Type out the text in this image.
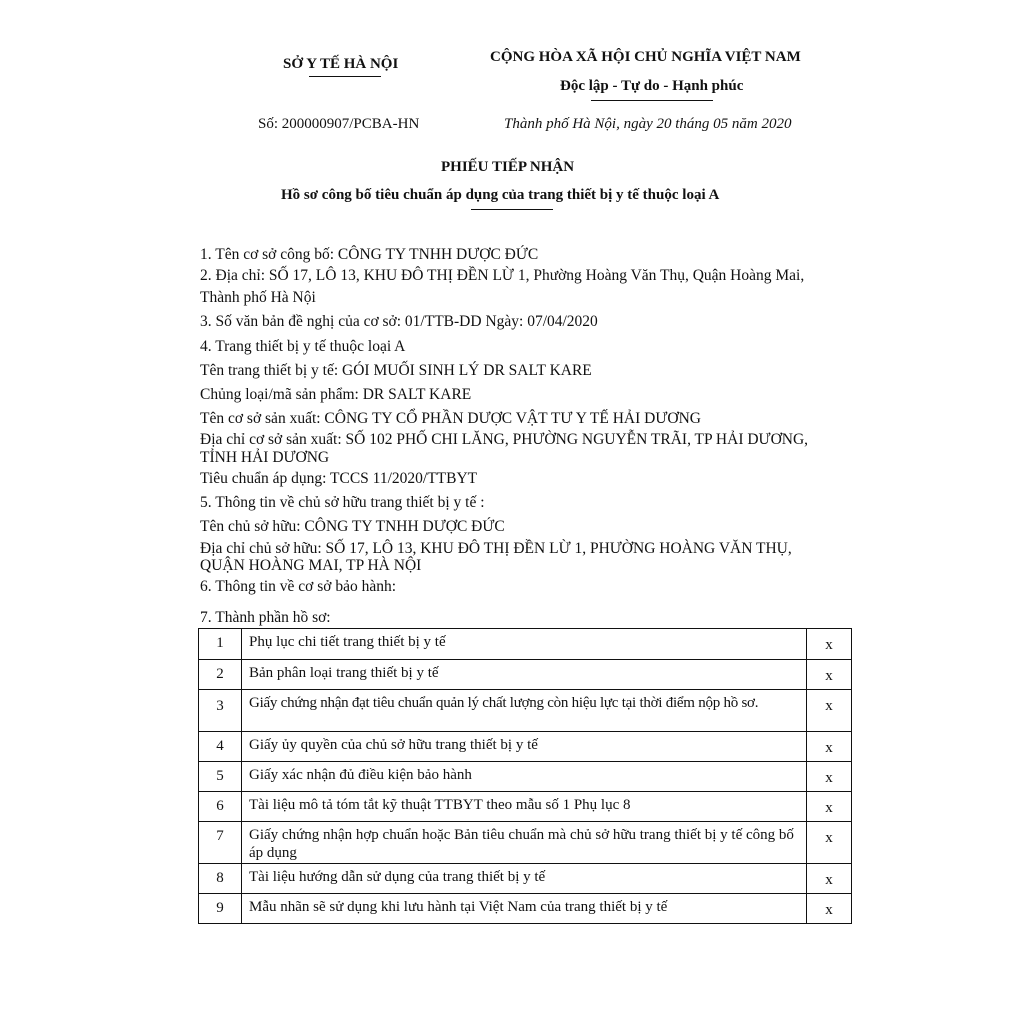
SỞ Y TẾ HÀ NỘI	CỘNG HÒA XÃ HỘI CHỦ NGHĨA VIỆT NAM
Độc lập - Tự do - Hạnh phúc
Số: 200000907/PCBA-HN	Thành phố Hà Nội, ngày 20 tháng 05 năm 2020
PHIẾU TIẾP NHẬN
Hồ sơ công bố tiêu chuẩn áp dụng của trang thiết bị y tế thuộc loại A
1. Tên cơ sở công bố: CÔNG TY TNHH DƯỢC ĐỨC
2. Địa chỉ: SỐ 17, LÔ 13, KHU ĐÔ THỊ ĐỀN LỪ 1, Phường Hoàng Văn Thụ, Quận Hoàng Mai,
Thành phố Hà Nội
3. Số văn bản đề nghị của cơ sở: 01/TTB-DD Ngày: 07/04/2020
4. Trang thiết bị y tế thuộc loại A
Tên trang thiết bị y tế: GÓI MUỐI SINH LÝ DR SALT KARE
Chủng loại/mã sản phẩm: DR SALT KARE
Tên cơ sở sản xuất: CÔNG TY CỔ PHẦN DƯỢC VẬT TƯ Y TẾ HẢI DƯƠNG
Địa chỉ cơ sở sản xuất: SỐ 102 PHỐ CHI LĂNG, PHƯỜNG NGUYỄN TRÃI, TP HẢI DƯƠNG,
TỈNH HẢI DƯƠNG
Tiêu chuẩn áp dụng: TCCS 11/2020/TTBYT
5. Thông tin về chủ sở hữu trang thiết bị y tế :
Tên chủ sở hữu: CÔNG TY TNHH DƯỢC ĐỨC
Địa chỉ chủ sở hữu: SỐ 17, LÔ 13, KHU ĐÔ THỊ ĐỀN LỪ 1, PHƯỜNG HOÀNG VĂN THỤ,
QUẬN HOÀNG MAI, TP HÀ NỘI
6. Thông tin về cơ sở bảo hành:
7. Thành phần hồ sơ:
1	Phụ lục chi tiết trang thiết bị y tế	x
2	Bản phân loại trang thiết bị y tế	x
3	Giấy chứng nhận đạt tiêu chuẩn quản lý chất lượng còn hiệu lực tại thời điểm nộp hồ sơ.	x
4	Giấy ủy quyền của chủ sở hữu trang thiết bị y tế	x
5	Giấy xác nhận đủ điều kiện bảo hành	x
6	Tài liệu mô tả tóm tắt kỹ thuật TTBYT theo mẫu số 1 Phụ lục 8	x
7	Giấy chứng nhận hợp chuẩn hoặc Bản tiêu chuẩn mà chủ sở hữu trang thiết bị y tế công bố áp dụng	x
8	Tài liệu hướng dẫn sử dụng của trang thiết bị y tế	x
9	Mẫu nhãn sẽ sử dụng khi lưu hành tại Việt Nam của trang thiết bị y tế	x
